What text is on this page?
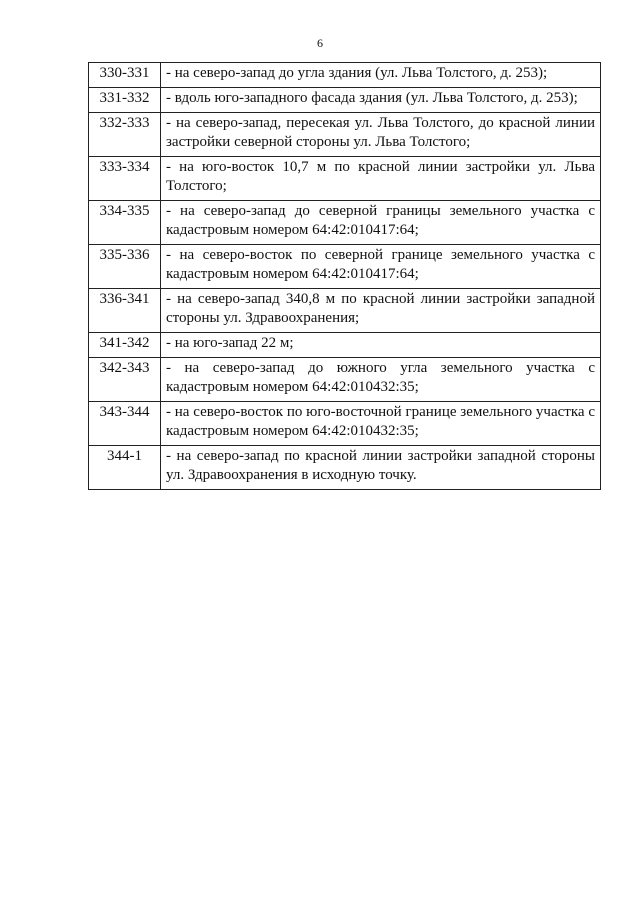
6
330-331	- на северо-запад до угла здания (ул. Льва Толстого, д. 253);
331-332	- вдоль юго-западного фасада здания (ул. Льва Толстого, д. 253);
332-333	- на северо-запад, пересекая ул. Льва Толстого, до красной линии застройки северной стороны ул. Льва Толстого;
333-334	- на юго-восток 10,7 м по красной линии застройки ул. Льва Толстого;
334-335	- на северо-запад до северной границы земельного участка с кадастровым номером 64:42:010417:64;
335-336	- на северо-восток по северной границе земельного участка с кадастровым номером 64:42:010417:64;
336-341	- на северо-запад 340,8 м по красной линии застройки западной стороны ул. Здравоохранения;
341-342	- на юго-запад 22 м;
342-343	- на северо-запад до южного угла земельного участка с кадастровым номером 64:42:010432:35;
343-344	- на северо-восток по юго-восточной границе земельного участка с кадастровым номером 64:42:010432:35;
344-1	- на северо-запад по красной линии застройки западной стороны ул. Здравоохранения в исходную точку.
